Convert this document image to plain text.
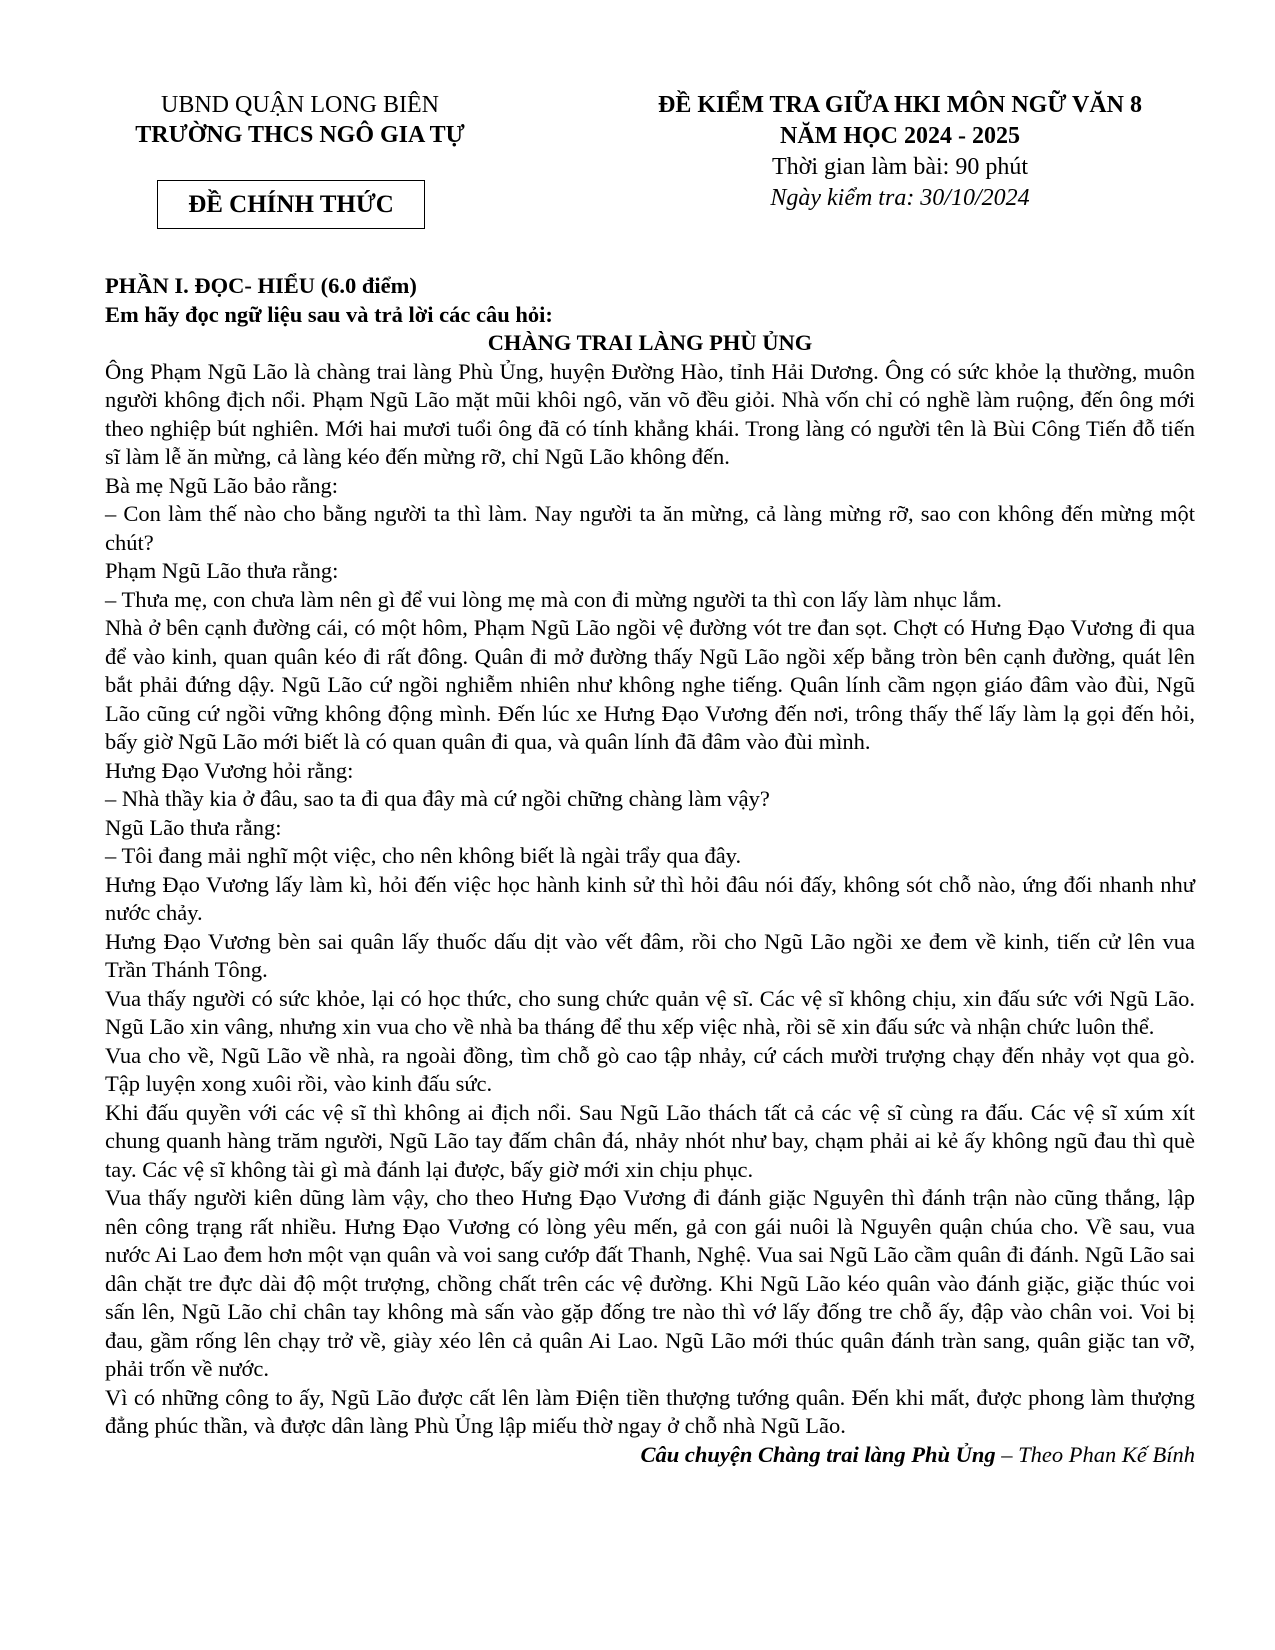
UBND QUẬN LONG BIÊN
TRƯỜNG THCS NGÔ GIA TỰ
ĐỀ CHÍNH THỨC
ĐỀ KIỂM TRA GIỮA HKI MÔN NGỮ VĂN 8
NĂM HỌC 2024 - 2025
Thời gian làm bài: 90 phút
Ngày kiểm tra: 30/10/2024
PHẦN I. ĐỌC- HIỂU (6.0 điểm)
Em hãy đọc ngữ liệu sau và trả lời các câu hỏi:
CHÀNG TRAI LÀNG PHÙ ỦNG

Ông Phạm Ngũ Lão là chàng trai làng Phù Ủng, huyện Đường Hào, tỉnh Hải Dương. Ông có sức khỏe lạ thường, muôn người không địch nổi. Phạm Ngũ Lão mặt mũi khôi ngô, văn võ đều giỏi. Nhà vốn chỉ có nghề làm ruộng, đến ông mới theo nghiệp bút nghiên. Mới hai mươi tuổi ông đã có tính khẳng khái. Trong làng có người tên là Bùi Công Tiến đỗ tiến sĩ làm lễ ăn mừng, cả làng kéo đến mừng rỡ, chỉ Ngũ Lão không đến.

Bà mẹ Ngũ Lão bảo rằng:

– Con làm thế nào cho bằng người ta thì làm. Nay người ta ăn mừng, cả làng mừng rỡ, sao con không đến mừng một chút?

Phạm Ngũ Lão thưa rằng:

– Thưa mẹ, con chưa làm nên gì để vui lòng mẹ mà con đi mừng người ta thì con lấy làm nhục lắm.

Nhà ở bên cạnh đường cái, có một hôm, Phạm Ngũ Lão ngồi vệ đường vót tre đan sọt. Chợt có Hưng Đạo Vương đi qua để vào kinh, quan quân kéo đi rất đông. Quân đi mở đường thấy Ngũ Lão ngồi xếp bằng tròn bên cạnh đường, quát lên bắt phải đứng dậy. Ngũ Lão cứ ngồi nghiễm nhiên như không nghe tiếng. Quân lính cầm ngọn giáo đâm vào đùi, Ngũ Lão cũng cứ ngồi vững không động mình. Đến lúc xe Hưng Đạo Vương đến nơi, trông thấy thế lấy làm lạ gọi đến hỏi, bấy giờ Ngũ Lão mới biết là có quan quân đi qua, và quân lính đã đâm vào đùi mình.

Hưng Đạo Vương hỏi rằng:

– Nhà thầy kia ở đâu, sao ta đi qua đây mà cứ ngồi chững chàng làm vậy?

Ngũ Lão thưa rằng:

– Tôi đang mải nghĩ một việc, cho nên không biết là ngài trẩy qua đây.

Hưng Đạo Vương lấy làm kì, hỏi đến việc học hành kinh sử thì hỏi đâu nói đấy, không sót chỗ nào, ứng đối nhanh như nước chảy.

Hưng Đạo Vương bèn sai quân lấy thuốc dấu dịt vào vết đâm, rồi cho Ngũ Lão ngồi xe đem về kinh, tiến cử lên vua Trần Thánh Tông.

Vua thấy người có sức khỏe, lại có học thức, cho sung chức quản vệ sĩ. Các vệ sĩ không chịu, xin đấu sức với Ngũ Lão. Ngũ Lão xin vâng, nhưng xin vua cho về nhà ba tháng để thu xếp việc nhà, rồi sẽ xin đấu sức và nhận chức luôn thể.

Vua cho về, Ngũ Lão về nhà, ra ngoài đồng, tìm chỗ gò cao tập nhảy, cứ cách mười trượng chạy đến nhảy vọt qua gò. Tập luyện xong xuôi rồi, vào kinh đấu sức.

Khi đấu quyền với các vệ sĩ thì không ai địch nổi. Sau Ngũ Lão thách tất cả các vệ sĩ cùng ra đấu. Các vệ sĩ xúm xít chung quanh hàng trăm người, Ngũ Lão tay đấm chân đá, nhảy nhót như bay, chạm phải ai kẻ ấy không ngũ đau thì què tay. Các vệ sĩ không tài gì mà đánh lại được, bấy giờ mới xin chịu phục.

Vua thấy người kiên dũng làm vậy, cho theo Hưng Đạo Vương đi đánh giặc Nguyên thì đánh trận nào cũng thắng, lập nên công trạng rất nhiều. Hưng Đạo Vương có lòng yêu mến, gả con gái nuôi là Nguyên quận chúa cho. Về sau, vua nước Ai Lao đem hơn một vạn quân và voi sang cướp đất Thanh, Nghệ. Vua sai Ngũ Lão cầm quân đi đánh. Ngũ Lão sai dân chặt tre đực dài độ một trượng, chồng chất trên các vệ đường. Khi Ngũ Lão kéo quân vào đánh giặc, giặc thúc voi sấn lên, Ngũ Lão chỉ chân tay không mà sấn vào gặp đống tre nào thì vớ lấy đống tre chỗ ấy, đập vào chân voi. Voi bị đau, gầm rống lên chạy trở về, giày xéo lên cả quân Ai Lao. Ngũ Lão mới thúc quân đánh tràn sang, quân giặc tan vỡ, phải trốn về nước.

Vì có những công to ấy, Ngũ Lão được cất lên làm Điện tiền thượng tướng quân. Đến khi mất, được phong làm thượng đẳng phúc thần, và được dân làng Phù Ủng lập miếu thờ ngay ở chỗ nhà Ngũ Lão.

Câu chuyện Chàng trai làng Phù Ủng – Theo Phan Kế Bính
